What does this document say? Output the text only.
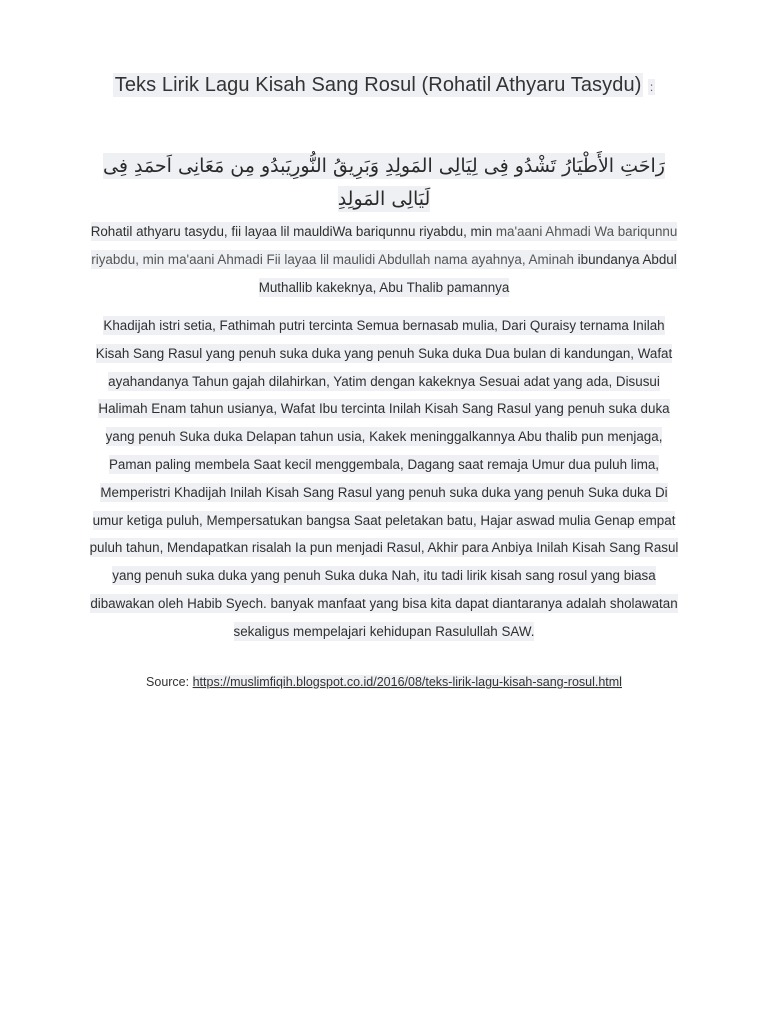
Teks Lirik Lagu Kisah Sang Rosul (Rohatil Athyaru Tasydu) :
رَاحَتِ الأَطْيَارُ تَشْدُو فِى لِيَالِى المَولِدِ وَبَرِيقُ النُّورِيَبدُو مِن مَعَانِى اَحمَدِ فِى لَيَالِى المَولِدِ
Rohatil athyaru tasydu, fii layaa lil mauldiWa bariqunnu riyabdu, min ma'aani Ahmadi Wa bariqunnu riyabdu, min ma'aani Ahmadi Fii layaa lil maulidi Abdullah nama ayahnya, Aminah ibundanya Abdul Muthallib kakeknya, Abu Thalib pamannya
Khadijah istri setia, Fathimah putri tercinta Semua bernasab mulia, Dari Quraisy ternama Inilah Kisah Sang Rasul yang penuh suka duka yang penuh Suka duka Dua bulan di kandungan, Wafat ayahandanya Tahun gajah dilahirkan, Yatim dengan kakeknya Sesuai adat yang ada, Disusui Halimah Enam tahun usianya, Wafat Ibu tercinta Inilah Kisah Sang Rasul yang penuh suka duka yang penuh Suka duka Delapan tahun usia, Kakek meninggalkannya Abu thalib pun menjaga, Paman paling membela Saat kecil menggembala, Dagang saat remaja Umur dua puluh lima, Memperistri Khadijah Inilah Kisah Sang Rasul yang penuh suka duka yang penuh Suka duka Di umur ketiga puluh, Mempersatukan bangsa Saat peletakan batu, Hajar aswad mulia Genap empat puluh tahun, Mendapatkan risalah Ia pun menjadi Rasul, Akhir para Anbiya Inilah Kisah Sang Rasul yang penuh suka duka yang penuh Suka duka Nah, itu tadi lirik kisah sang rosul yang biasa dibawakan oleh Habib Syech. banyak manfaat yang bisa kita dapat diantaranya adalah sholawatan sekaligus mempelajari kehidupan Rasulullah SAW.
Source: https://muslimfiqih.blogspot.co.id/2016/08/teks-lirik-lagu-kisah-sang-rosul.html
